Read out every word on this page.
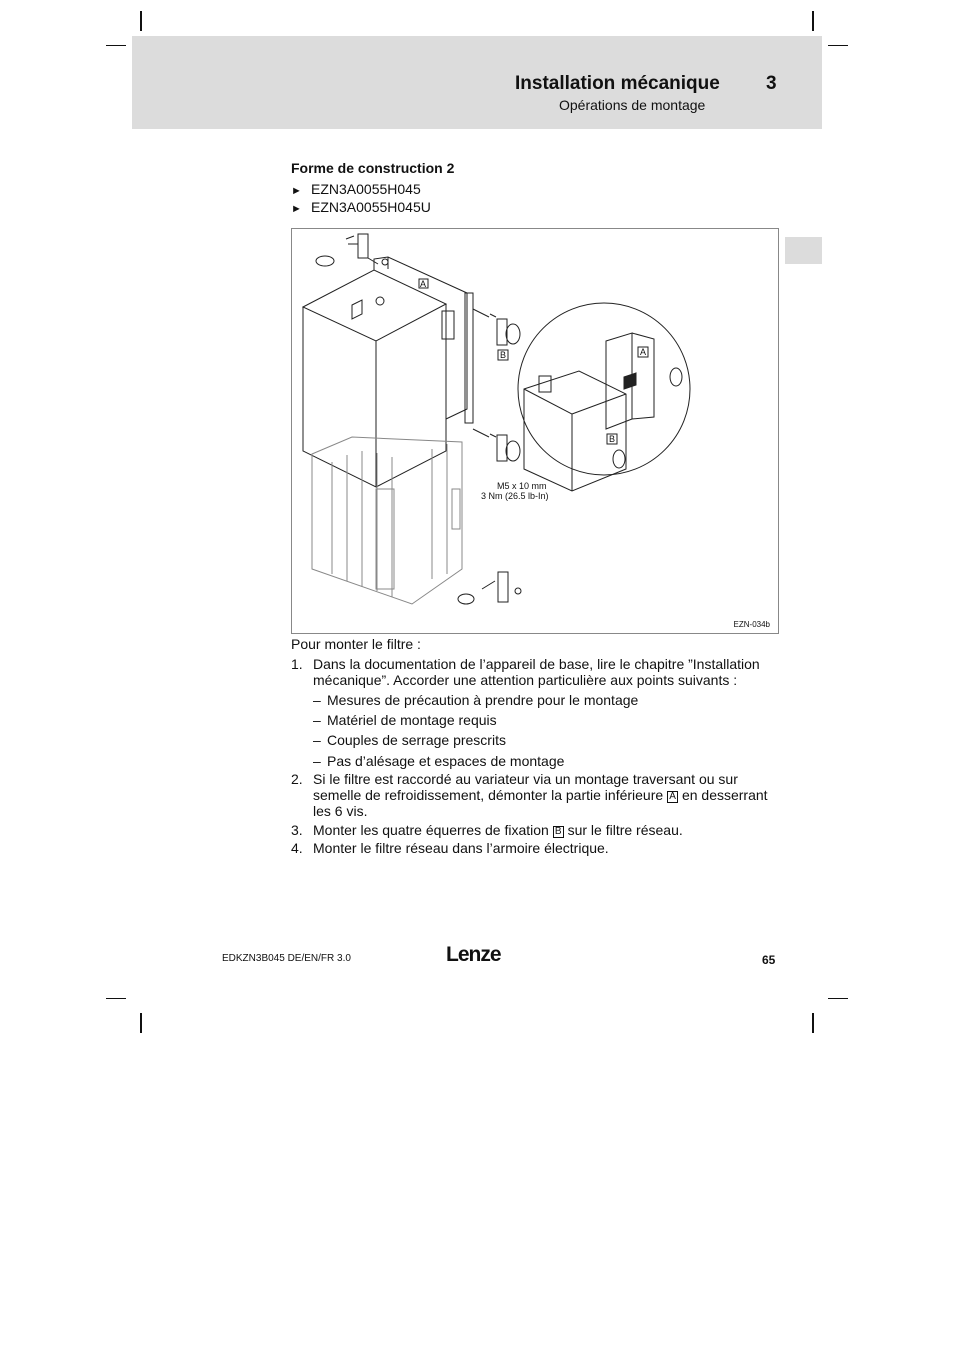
Installation mécanique 3
Opérations de montage
Forme de construction 2
► EZN3A0055H045
► EZN3A0055H045U
A
B	A
B
M5 x 10 mm
3 Nm (26.5 lb-In)
EZN-034b
Pour monter le filtre :
1. Dans la documentation de l’appareil de base, lire le chapitre ”Installation mécanique”. Accorder une attention particulière aux points suivants :
– Mesures de précaution à prendre pour le montage
– Matériel de montage requis
– Couples de serrage prescrits
– Pas d’alésage et espaces de montage
2. Si le filtre est raccordé au variateur via un montage traversant ou sur semelle de refroidissement, démonter la partie inférieure A en desserrant les 6 vis.
3. Monter les quatre équerres de fixation B sur le filtre réseau.
4. Monter le filtre réseau dans l’armoire électrique.
EDKZN3B045 DE/EN/FR 3.0	Lenze	65
